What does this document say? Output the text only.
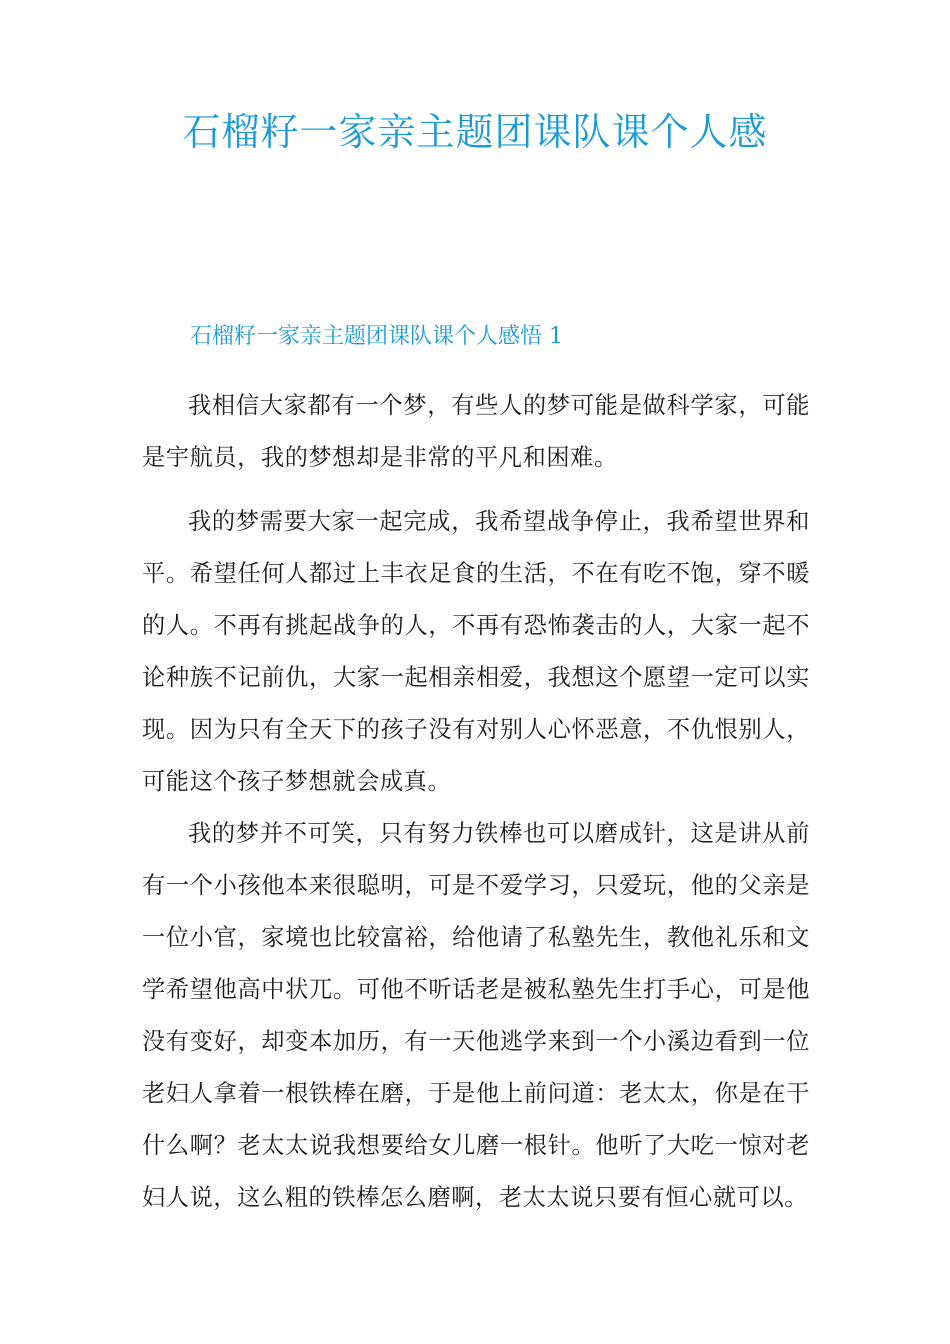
石榴籽一家亲主题团课队课个人感
石榴籽一家亲主题团课队课个人感悟 1

我相信大家都有一个梦，有些人的梦可能是做科学家，可能是宇航员，我的梦想却是非常的平凡和困难。

我的梦需要大家一起完成，我希望战争停止，我希望世界和平。希望任何人都过上丰衣足食的生活，不在有吃不饱，穿不暖的人。不再有挑起战争的人，不再有恐怖袭击的人，大家一起不论种族不记前仇，大家一起相亲相爱，我想这个愿望一定可以实现。因为只有全天下的孩子没有对别人心怀恶意，不仇恨别人，可能这个孩子梦想就会成真。

我的梦并不可笑，只有努力铁棒也可以磨成针，这是讲从前有一个小孩他本来很聪明，可是不爱学习，只爱玩，他的父亲是一位小官，家境也比较富裕，给他请了私塾先生，教他礼乐和文学希望他高中状兀。可他不听话老是被私塾先生打手心，可是他没有变好，却变本加历，有一天他逃学来到一个小溪边看到一位老妇人拿着一根铁棒在磨，于是他上前问道：老太太，你是在干什么啊？老太太说我想要给女儿磨一根针。他听了大吃一惊对老妇人说，这么粗的铁棒怎么磨啊，老太太说只要有恒心就可以。
